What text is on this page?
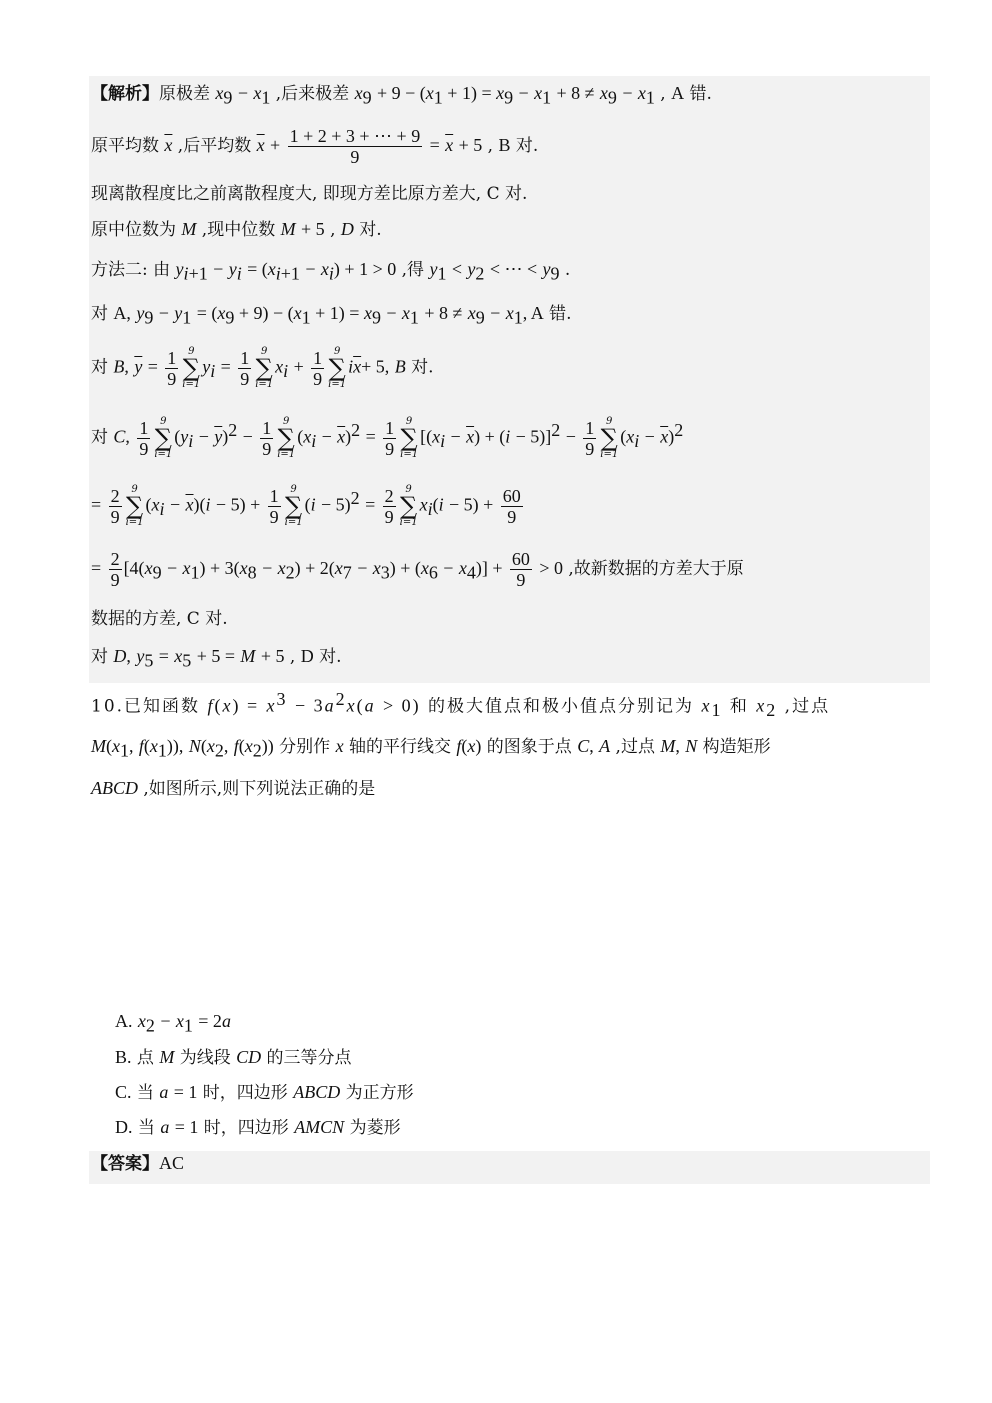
【解析】原极差 $x_9 - x_1$ ,后来极差 $x_9 + 9 - (x_1 + 1) = x_9 - x_1 + 8 \ne x_9 - x_1$ , A 错.
原平均数 $\overline{x}$ ,后平均数 $\overline{x} + \frac{1 + 2 + 3 + \cdots + 9}{9} = \overline{x} + 5$ , B 对.
现离散程度比之前离散程度大, 即现方差比原方差大, C 对.
原中位数为 M ,现中位数 M + 5 , D 对.
方法二: 由 $y_{i+1} - y_i = (x_{i+1} - x_i) + 1 > 0$ ,得 $y_1 < y_2$ < ⋯ < $y_9$ .
对 A, $y_9 - y_1 = (x_9 + 9) - (x_1 + 1) = x_9 - x_1 + 8 \ne x_9 - x_1$, A 错.
对 B, $\overline{y} = \frac{1}{9} 9$
∑
i=1
$y_i = \frac{1}{9} 9$
∑
i=1
$x_i + \frac{1}{9} 9$
∑
i=1
$i\overline{x}+ 5$, B 对.
对 C, $\frac{1}{9} 9$
∑
i=1
$(y_i - \overline{y})^2 - \frac{1}{9} 9$
∑
i=1
$(x_i - \overline{x})^2 = \frac{1}{9} 9$
∑
i=1
$[(x_i - \overline{x}) + (i - 5)]^2 - \frac{1}{9} 9$
∑
i=1
$(x_i - \overline{x})^2$
= $\frac{2}{9} 9$
∑
i=1
$(x_i - \overline{x})(i - 5) + \frac{1}{9} 9$
∑
i=1
$(i - 5)^2 = \frac{2}{9} 9$
∑
i=1
$x_i(i - 5) + \frac{60}{9}$
= $\frac{2}{9} [4(x_9 - x_1) + 3(x_8 - x_2) + 2(x_7 - x_3) + (x_6 - x_4)] + \frac{60}{9} > 0$ ,故新数据的方差大于原
数据的方差, C 对.
对 D, $y_5 = x_5 + 5 = M + 5$ , D 对.
10.已知函数 $f(x) = x^3 - 3a^2x(a > 0)$ 的极大值点和极小值点分别记为 $x_1$ 和 $x_2$ ,过点
$M(x_1$, $f(x_1)$), $N(x_2$, $f(x_2)$) 分别作 x 轴的平行线交 f(x) 的图象于点 C, A ,过点 M, N 构造矩形
ABCD ,如图所示,则下列说法正确的是
A. $x_2 - x_1 = 2a$
B. 点 M 为线段 CD 的三等分点
C. 当 a = 1 时，四边形 ABCD 为正方形
D. 当 a = 1 时，四边形 AMCN 为菱形
【答案】AC
